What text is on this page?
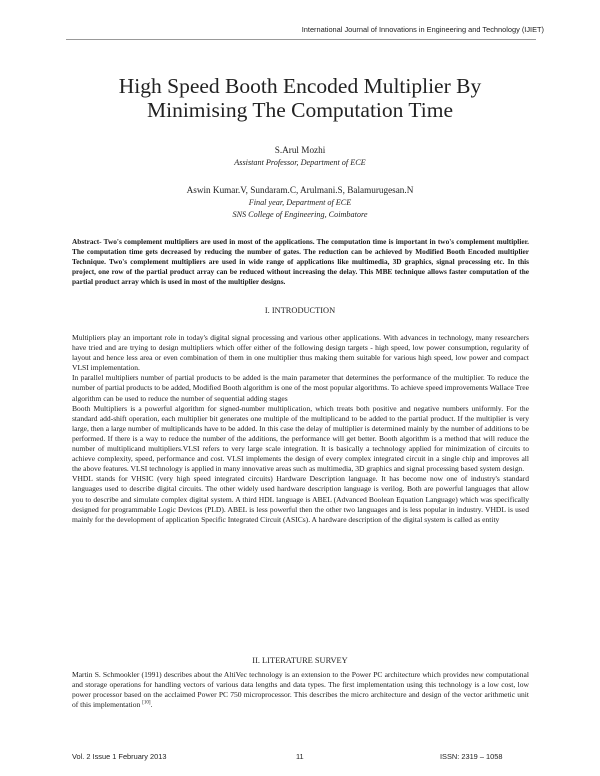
International Journal of Innovations in Engineering and Technology (IJIET)
High Speed Booth Encoded Multiplier By
Minimising The Computation Time
S.Arul Mozhi
Assistant Professor, Department of ECE
Aswin Kumar.V, Sundaram.C, Arulmani.S, Balamurugesan.N
Final year, Department of ECE
SNS College of Engineering, Coimbatore
Abstract- Two's complement multipliers are used in most of the applications. The computation time is important in two's complement multiplier. The computation time gets decreased by reducing the number of gates. The reduction can be achieved by Modified Booth Encoded multiplier Technique. Two's complement multipliers are used in wide range of applications like multimedia, 3D graphics, signal processing etc. In this project, one row of the partial product array can be reduced without increasing the delay. This MBE technique allows faster computation of the partial product array which is used in most of the multiplier designs.
I. INTRODUCTION

Multipliers play an important role in today's digital signal processing and various other applications. With advances in technology, many researchers have tried and are trying to design multipliers which offer either of the following design targets - high speed, low power consumption, regularity of layout and hence less area or even combination of them in one multiplier thus making them suitable for various high speed, low power and compact VLSI implementation.

In parallel multipliers number of partial products to be added is the main parameter that determines the performance of the multiplier. To reduce the number of partial products to be added, Modified Booth algorithm is one of the most popular algorithms. To achieve speed improvements Wallace Tree algorithm can be used to reduce the number of sequential adding stages

Booth Multipliers is a powerful algorithm for signed-number multiplication, which treats both positive and negative numbers uniformly. For the standard add-shift operation, each multiplier bit generates one multiple of the multiplicand to be added to the partial product. If the multiplier is very large, then a large number of multiplicands have to be added. In this case the delay of multiplier is determined mainly by the number of additions to be performed. If there is a way to reduce the number of the additions, the performance will get better. Booth algorithm is a method that will reduce the number of multiplicand multipliers.VLSI refers to very large scale integration. It is basically a technology applied for minimization of circuits to achieve complexity, speed, performance and cost. VLSI implements the design of every complex integrated circuit in a single chip and improves all the above features. VLSI technology is applied in many innovative areas such as multimedia, 3D graphics and signal processing based system design.

VHDL stands for VHSIC (very high speed integrated circuits) Hardware Description language. It has become now one of industry's standard languages used to describe digital circuits. The other widely used hardware description language is verilog. Both are powerful languages that allow you to describe and simulate complex digital system. A third HDL language is ABEL (Advanced Boolean Equation Language) which was specifically designed for programmable Logic Devices (PLD). ABEL is less powerful then the other two languages and is less popular in industry. VHDL is used mainly for the development of application Specific Integrated Circuit (ASICs). A hardware description of the digital system is called as entity

II. LITERATURE SURVEY

Martin S. Schmookler (1991) describes about the AltiVec technology is an extension to the Power PC architecture which provides new computational and storage operations for handling vectors of various data lengths and data types. The first implementation using this technology is a low cost, low power processor based on the acclaimed Power PC 750 microprocessor. This describes the micro architecture and design of the vector arithmetic unit of this implementation [10].

Vol. 2 Issue 1 February 2013	11	ISSN: 2319 – 1058
